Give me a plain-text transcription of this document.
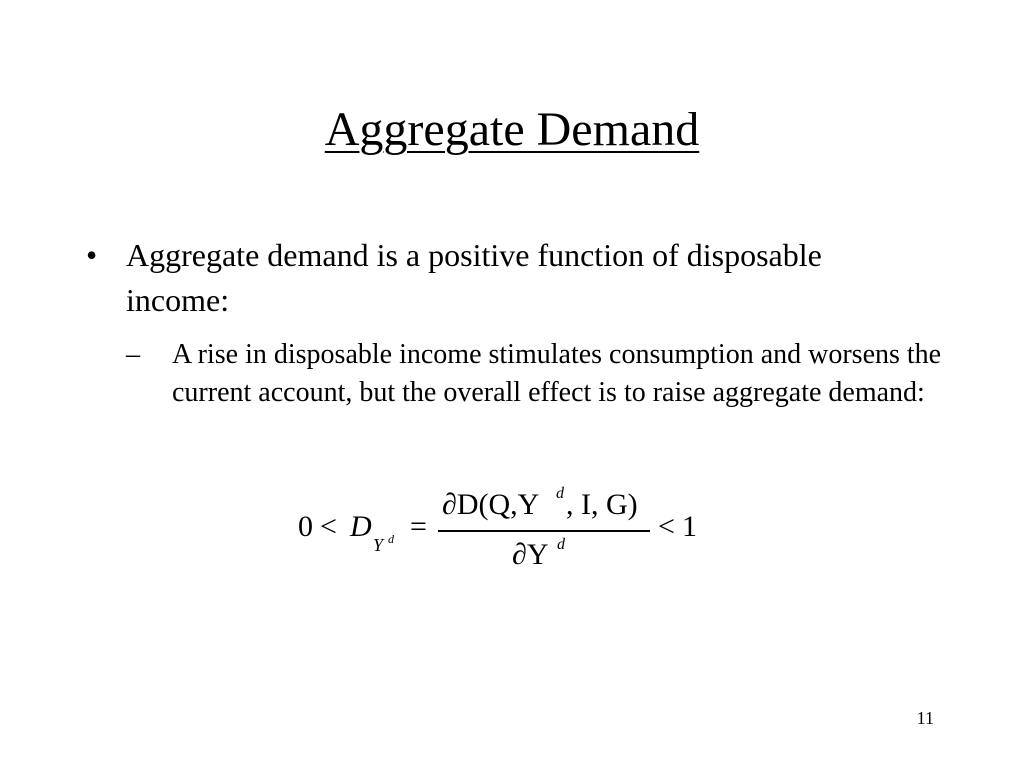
Aggregate Demand
• Aggregate demand is a positive function of disposable income:
– A rise in disposable income stimulates consumption and worsens the current account, but the overall effect is to raise aggregate demand:
0 < D
Y d =
∂D(Q,Y d , I, G)
∂Y d
< 1
11
